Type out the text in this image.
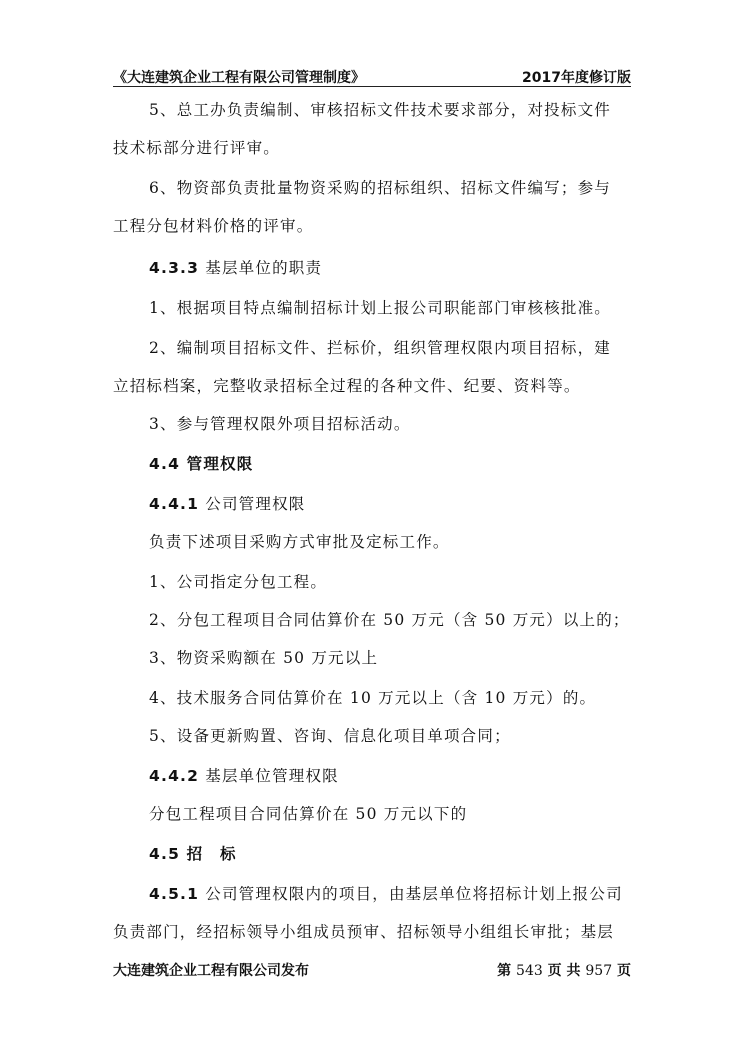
《大连建筑企业工程有限公司管理制度》	2017年度修订版
5、总工办负责编制、审核招标文件技术要求部分，对投标文件
技术标部分进行评审。
6、物资部负责批量物资采购的招标组织、招标文件编写；参与
工程分包材料价格的评审。
4.3.3 基层单位的职责
1、根据项目特点编制招标计划上报公司职能部门审核核批准。
2、编制项目招标文件、拦标价，组织管理权限内项目招标，建
立招标档案，完整收录招标全过程的各种文件、纪要、资料等。
3、参与管理权限外项目招标活动。
4.4 管理权限
4.4.1 公司管理权限
负责下述项目采购方式审批及定标工作。
1、公司指定分包工程。
2、分包工程项目合同估算价在 50 万元（含 50 万元）以上的；
3、物资采购额在 50 万元以上
4、技术服务合同估算价在 10 万元以上（含 10 万元）的。
5、设备更新购置、咨询、信息化项目单项合同；
4.4.2 基层单位管理权限
分包工程项目合同估算价在 50 万元以下的
4.5 招　标
4.5.1 公司管理权限内的项目，由基层单位将招标计划上报公司
负责部门，经招标领导小组成员预审、招标领导小组组长审批；基层
大连建筑企业工程有限公司发布	第 543 页 共 957 页
